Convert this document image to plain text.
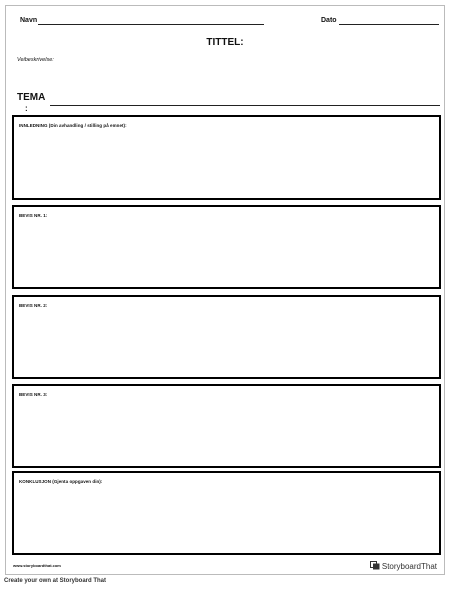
Navn	Dato
TITTEL:
Veibeskrivelse:
TEMA
:
INNLEDNING (Din avhandling / stilling på emnet):
BEVIS NR. 1:
BEVIS NR. 2:
BEVIS NR. 3:
KONKLUSJON (Gjenta oppgaven din):
www.storyboardthat.com	StoryboardThat
Create your own at Storyboard That
